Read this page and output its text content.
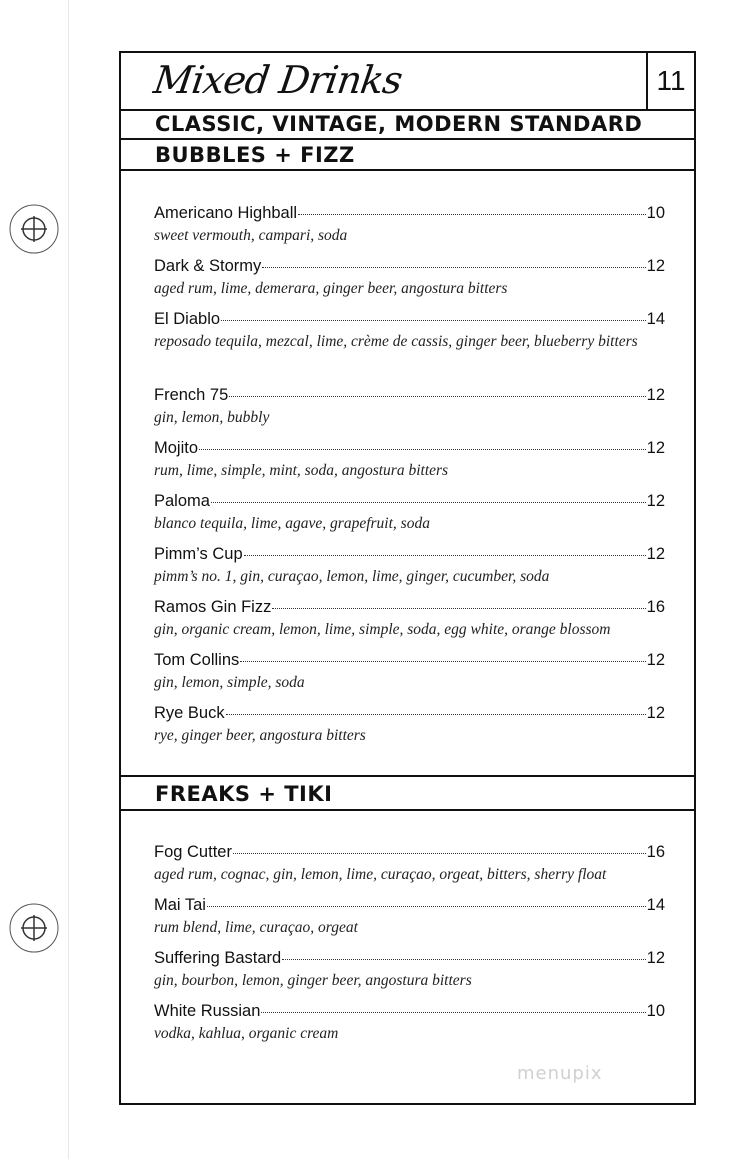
Mixed Drinks	11
CLASSIC, VINTAGE, MODERN STANDARD
BUBBLES + FIZZ
Americano Highball	10
sweet vermouth, campari, soda
Dark & Stormy	12
aged rum, lime, demerara, ginger beer, angostura bitters
El Diablo	14
reposado tequila, mezcal, lime, crème de cassis, ginger beer, blueberry bitters
French 75	12
gin, lemon, bubbly
Mojito	12
rum, lime, simple, mint, soda, angostura bitters
Paloma	12
blanco tequila, lime, agave, grapefruit, soda
Pimm’s Cup	12
pimm’s no. 1, gin, curaçao, lemon, lime, ginger, cucumber, soda
Ramos Gin Fizz	16
gin, organic cream, lemon, lime, simple, soda, egg white, orange blossom
Tom Collins	12
gin, lemon, simple, soda
Rye Buck	12
rye, ginger beer, angostura bitters
FREAKS + TIKI
Fog Cutter	16
aged rum, cognac, gin, lemon, lime, curaçao, orgeat, bitters, sherry float
Mai Tai	14
rum blend, lime, curaçao, orgeat
Suffering Bastard	12
gin, bourbon, lemon, ginger beer, angostura bitters
White Russian	10
vodka, kahlua, organic cream
menupix
